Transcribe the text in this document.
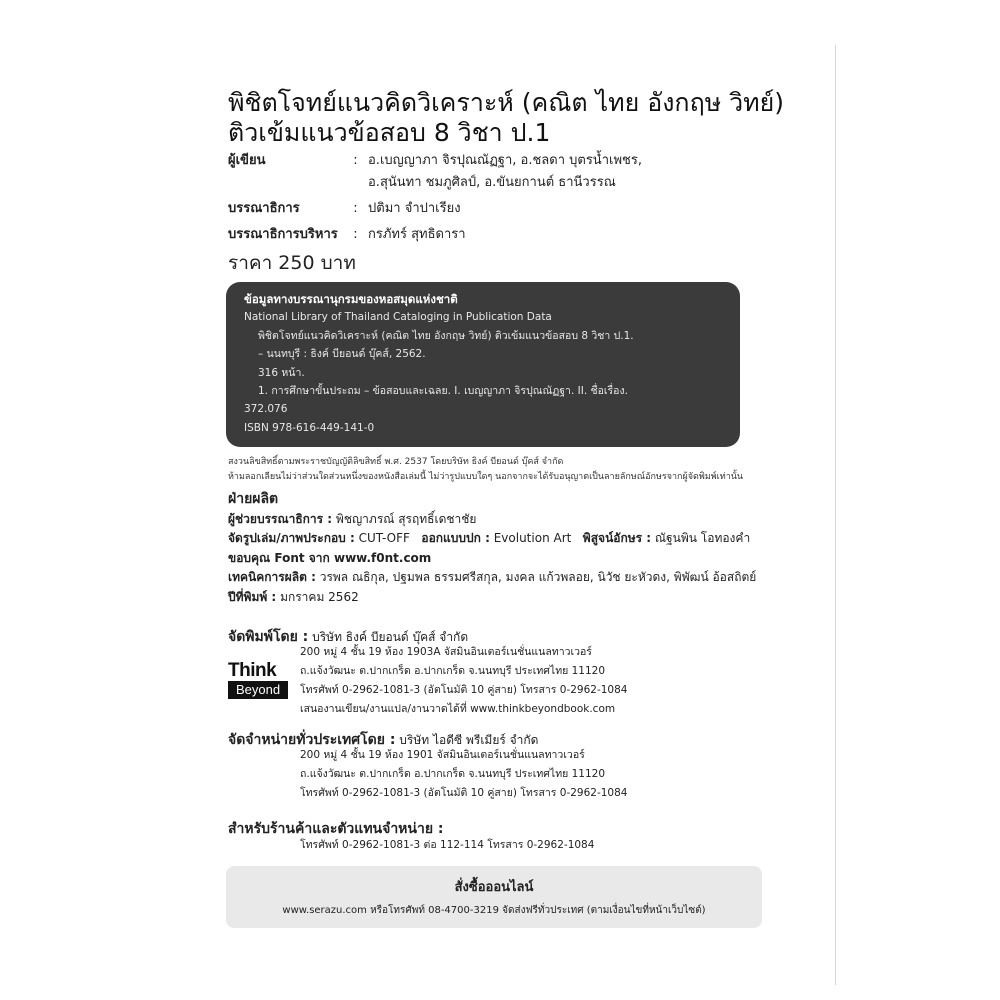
พิชิตโจทย์แนวคิดวิเคราะห์ (คณิต ไทย อังกฤษ วิทย์)
ติวเข้มแนวข้อสอบ 8 วิชา ป.1
ผู้เขียน	: อ.เบญญาภา จิรปุณณัฏฐา, อ.ชลดา บุตรน้ำเพชร,
อ.สุนันทา ชมภูศิลป์, อ.ขันยกานต์ ธานีวรรณ
บรรณาธิการ	: ปติมา จำปาเรียง
บรรณาธิการบริหาร	: กรภัทร์ สุทธิดารา
ราคา 250 บาท
ข้อมูลทางบรรณานุกรมของหอสมุดแห่งชาติ
National Library of Thailand Cataloging in Publication Data
พิชิตโจทย์แนวคิดวิเคราะห์ (คณิต ไทย อังกฤษ วิทย์) ติวเข้มแนวข้อสอบ 8 วิชา ป.1.
– นนทบุรี : ธิงค์ บียอนด์ บุ๊คส์, 2562.
316 หน้า.
1. การศึกษาขั้นประถม – ข้อสอบและเฉลย. I. เบญญาภา จิรปุณณัฏฐา. II. ชื่อเรื่อง.
372.076
ISBN 978-616-449-141-0
สงวนลิขสิทธิ์ตามพระราชบัญญัติลิขสิทธิ์ พ.ศ. 2537 โดยบริษัท ธิงค์ บียอนด์ บุ๊คส์ จำกัด
ห้ามลอกเลียนไม่ว่าส่วนใดส่วนหนึ่งของหนังสือเล่มนี้ ไม่ว่ารูปแบบใดๆ นอกจากจะได้รับอนุญาตเป็นลายลักษณ์อักษรจากผู้จัดพิมพ์เท่านั้น
ฝ่ายผลิต
ผู้ช่วยบรรณาธิการ : พิชญาภรณ์ สุรฤทธิ์เดชาชัย
จัดรูปเล่ม/ภาพประกอบ : CUT-OFF ออกแบบปก : Evolution Art พิสูจน์อักษร : ณัฐนพิน โอทองคำ
ขอบคุณ Font จาก www.f0nt.com
เทคนิคการผลิต : วรพล ณธิกุล, ปฐมพล ธรรมศรีสกุล, มงคล แก้วพลอย, นิวัช ยะหัวดง, พิพัฒน์ อ้อสถิตย์
ปีที่พิมพ์ : มกราคม 2562
จัดพิมพ์โดย : บริษัท ธิงค์ บียอนด์ บุ๊คส์ จำกัด
Think
Beyond
200 หมู่ 4 ชั้น 19 ห้อง 1903A จัสมินอินเตอร์เนชั่นแนลทาวเวอร์
ถ.แจ้งวัฒนะ ต.ปากเกร็ด อ.ปากเกร็ด จ.นนทบุรี ประเทศไทย 11120
โทรศัพท์ 0-2962-1081-3 (อัตโนมัติ 10 คู่สาย) โทรสาร 0-2962-1084
เสนองานเขียน/งานแปล/งานวาดได้ที่ www.thinkbeyondbook.com
จัดจำหน่ายทั่วประเทศโดย : บริษัท ไอดีซี พรีเมียร์ จำกัด
200 หมู่ 4 ชั้น 19 ห้อง 1901 จัสมินอินเตอร์เนชั่นแนลทาวเวอร์
ถ.แจ้งวัฒนะ ต.ปากเกร็ด อ.ปากเกร็ด จ.นนทบุรี ประเทศไทย 11120
โทรศัพท์ 0-2962-1081-3 (อัตโนมัติ 10 คู่สาย) โทรสาร 0-2962-1084
สำหรับร้านค้าและตัวแทนจำหน่าย :
โทรศัพท์ 0-2962-1081-3 ต่อ 112-114 โทรสาร 0-2962-1084
สั่งซื้อออนไลน์
www.serazu.com หรือโทรศัพท์ 08-4700-3219 จัดส่งฟรีทั่วประเทศ (ตามเงื่อนไขที่หน้าเว็บไซต์)
